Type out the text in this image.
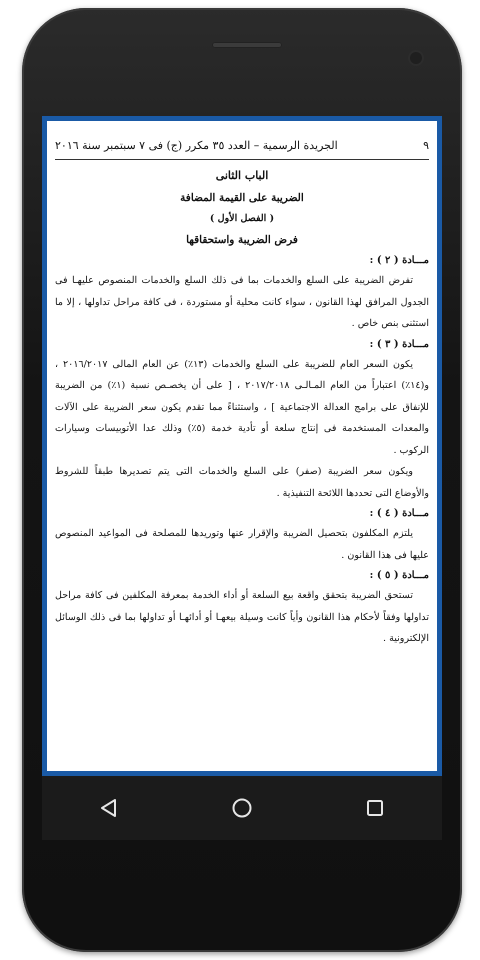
الجريدة الرسمية – العدد ٣٥ مكرر (ج) فى ٧ سبتمبر سنة ٢٠١٦	٩
الباب الثانى
الضريبة على القيمة المضافة
( الفصل الأول )
فرض الضريبة واستحقاقها
مـــادة ( ٢ ) :

تفرض الضريبة على السلع والخدمات بما فى ذلك السلع والخدمات المنصوص عليهـا فى الجدول المرافق لهذا القانون ، سواء كانت محلية أو مستوردة ، فى كافة مراحل تداولها ، إلا ما استثنى بنص خاص .

مـــادة ( ٣ ) :

يكون السعر العام للضريبة على السلع والخدمات (١٣٪) عن العام المالى ٢٠١٦/٢٠١٧ ، و(١٤٪) اعتباراً من العام المـالـى ٢٠١٧/٢٠١٨ ، [ على أن يخصـص نسبة (١٪) من الضريبة للإنفاق على برامج العدالة الاجتماعية ] ، واستثناءً مما تقدم يكون سعر الضريبة على الآلات والمعدات المستخدمة فى إنتاج سلعة أو تأدية خدمة (٥٪) وذلك عدا الأتوبيسات وسيارات الركوب .

ويكون سعر الضريبة (صفر) على السلع والخدمات التى يتم تصديرها طبقاً للشروط والأوضاع التى تحددها اللائحة التنفيذية .

مـــادة ( ٤ ) :

يلتزم المكلفون بتحصيل الضريبة والإقرار عنها وتوريدها للمصلحة فى المواعيد المنصوص عليها فى هذا القانون .

مـــادة ( ٥ ) :

تستحق الضريبة بتحقق واقعة بيع السلعة أو أداء الخدمة بمعرفة المكلفين فى كافة مراحل تداولها وفقاً لأحكام هذا القانون وأياً كانت وسيلة بيعهـا أو أدائهـا أو تداولها بما فى ذلك الوسائل الإلكترونية .
